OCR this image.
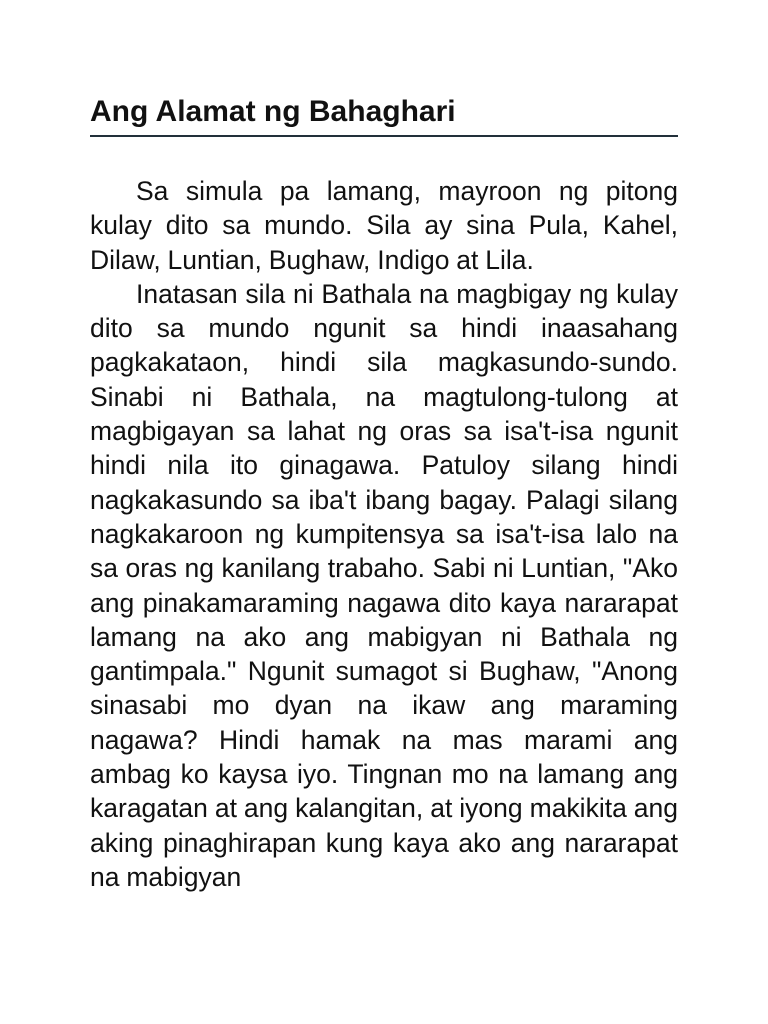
Ang Alamat ng Bahaghari

Sa simula pa lamang, mayroon ng pitong kulay dito sa mundo. Sila ay sina Pula, Kahel, Dilaw, Luntian, Bughaw, Indigo at Lila.

Inatasan sila ni Bathala na magbigay ng kulay dito sa mundo ngunit sa hindi inaasahang pagkakataon, hindi sila magkasundo-sundo. Sinabi ni Bathala, na magtulong-tulong at magbigayan sa lahat ng oras sa isa't-isa ngunit hindi nila ito ginagawa. Patuloy silang hindi nagkakasundo sa iba't ibang bagay. Palagi silang nagkakaroon ng kumpitensya sa isa't-isa lalo na sa oras ng kanilang trabaho. Sabi ni Luntian, "Ako ang pinakamaraming nagawa dito kaya nararapat lamang na ako ang mabigyan ni Bathala ng gantimpala." Ngunit sumagot si Bughaw, "Anong sinasabi mo dyan na ikaw ang maraming nagawa? Hindi hamak na mas marami ang ambag ko kaysa iyo. Tingnan mo na lamang ang karagatan at ang kalangitan, at iyong makikita ang aking pinaghirapan kung kaya ako ang nararapat na mabigyan
